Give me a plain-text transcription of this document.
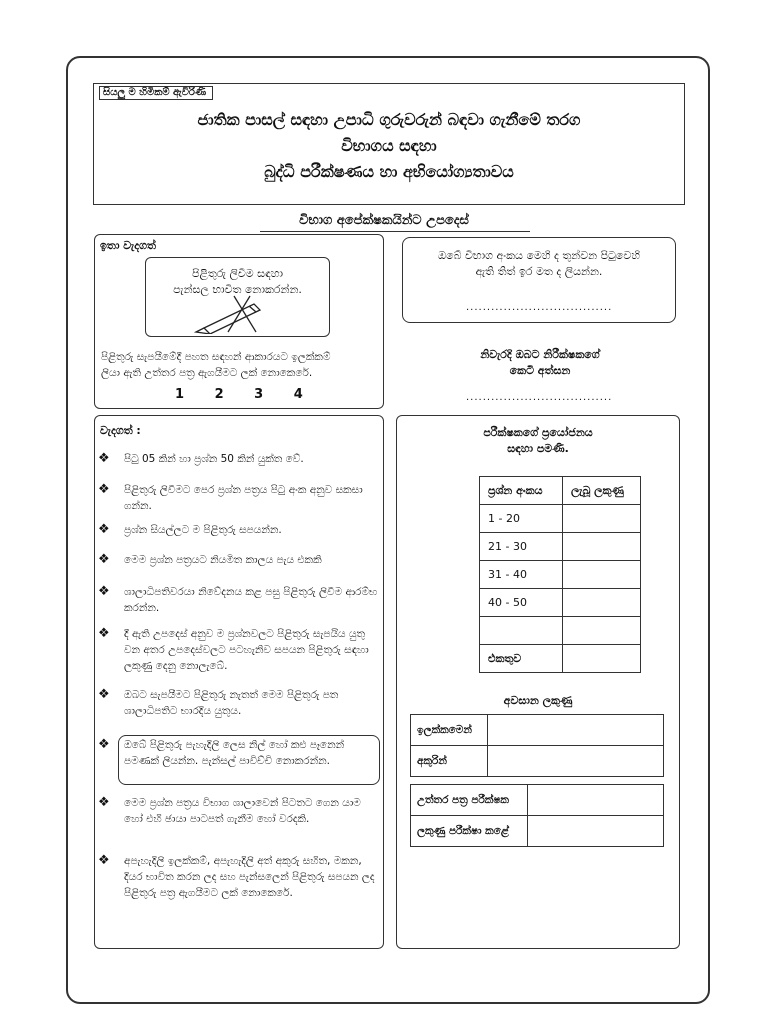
සියලු ම හිමිකම් ඇවිරිණි
ජාතික පාසල් සඳහා උපාධි ගුරුවරුන් බඳවා ගැනීමේ තරග
විභාගය සඳහා
බුද්ධි පරීක්ෂණය හා අභියෝග්‍යතාවය
විභාග අපේක්ෂකයින්ට උපදෙස්
ඉතා වැදගත්
පිළිතුරු ලිවීම සඳහා
පැන්සල භාවිත නොකරන්න.
පිළිතුරු සැපයීමේදී පහත සඳහන් ආකාරයට ඉලක්කම්
ලියා ඇති උත්තර පත්‍ර ඇගයීමට ලක් නොකෙරේ.
1 2 3 4
ඔබේ විභාග අංකය මෙහි ද තුන්වන පිටුවෙහි
ඇති තිත් ඉර මත ද ලියන්න.
...................................
නිවැරදි ඔබට නිරීක්ෂකගේ
කෙටි අත්සන
...................................
වැදගත් ׃
❖ පිටු 05 කින් හා ප්‍රශ්න 50 කින් යුක්ත වේ.
❖ පිළිතුරු ලිවීමට පෙර ප්‍රශ්න පත්‍රය පිටු අංක අනුව සකසා ගන්න.
❖ ප්‍රශ්න සියල්ලට ම පිළිතුරු සපයන්න.
❖ මෙම ප්‍රශ්න පත්‍රයට නියමිත කාලය පැය එකකි
❖ ශාලාධිපතිවරයා නිවේදනය කළ පසු පිළිතුරු ලිවීම ආරම්භ කරන්න.
❖ දී ඇති උපදෙස් අනුව ම ප්‍රශ්නවලට පිළිතුරු සැපයිය යුතු වන අතර උපදෙස්වලට පටහැනිව සපයන පිළිතුරු සඳහා ලකුණු දෙනු නොලැබේ.
❖ ඔබට සැපයීමට පිළිතුරු නැතත් මෙම පිළිතුරු පත ශාලාධිපතිට භාරදිය යුතුය.
❖ ඔබේ පිළිතුරු පැහැදිලි ලෙස නිල් හෝ කළු පෑනෙන් පමණක් ලියන්න. පැන්සල් පාවිච්චි නොකරන්න.
❖ මෙම ප්‍රශ්න පත්‍රය විභාග ශාලාවෙන් පිටතට ගෙන යාම හෝ එහි ඡායා පාටපත් ගැනීම හෝ වරදකි.
❖ අපැහැදිලි ඉලක්කම්, අපැහැදිලි අත් අකුරු සහිත, මකන, දියර භාවිත කරන ලද සහ පැන්සලෙන් පිළිතුරු සපයන ලද පිළිතුරු පත්‍ර ඇගයීමට ලක් නොකෙරේ.
පරීක්ෂකගේ ප්‍රයෝජනය
සඳහා පමණි.
ප්‍රශ්න අංකය	ලැබූ ලකුණු
1 - 20	
21 - 30	
31 - 40	
40 - 50	

එකතුව	
අවසාන ලකුණු
ඉලක්කමෙන්	
අකුරින්	
උත්තර පත්‍ර පරීක්ෂක	
ලකුණු පරීක්ෂා කළේ	
